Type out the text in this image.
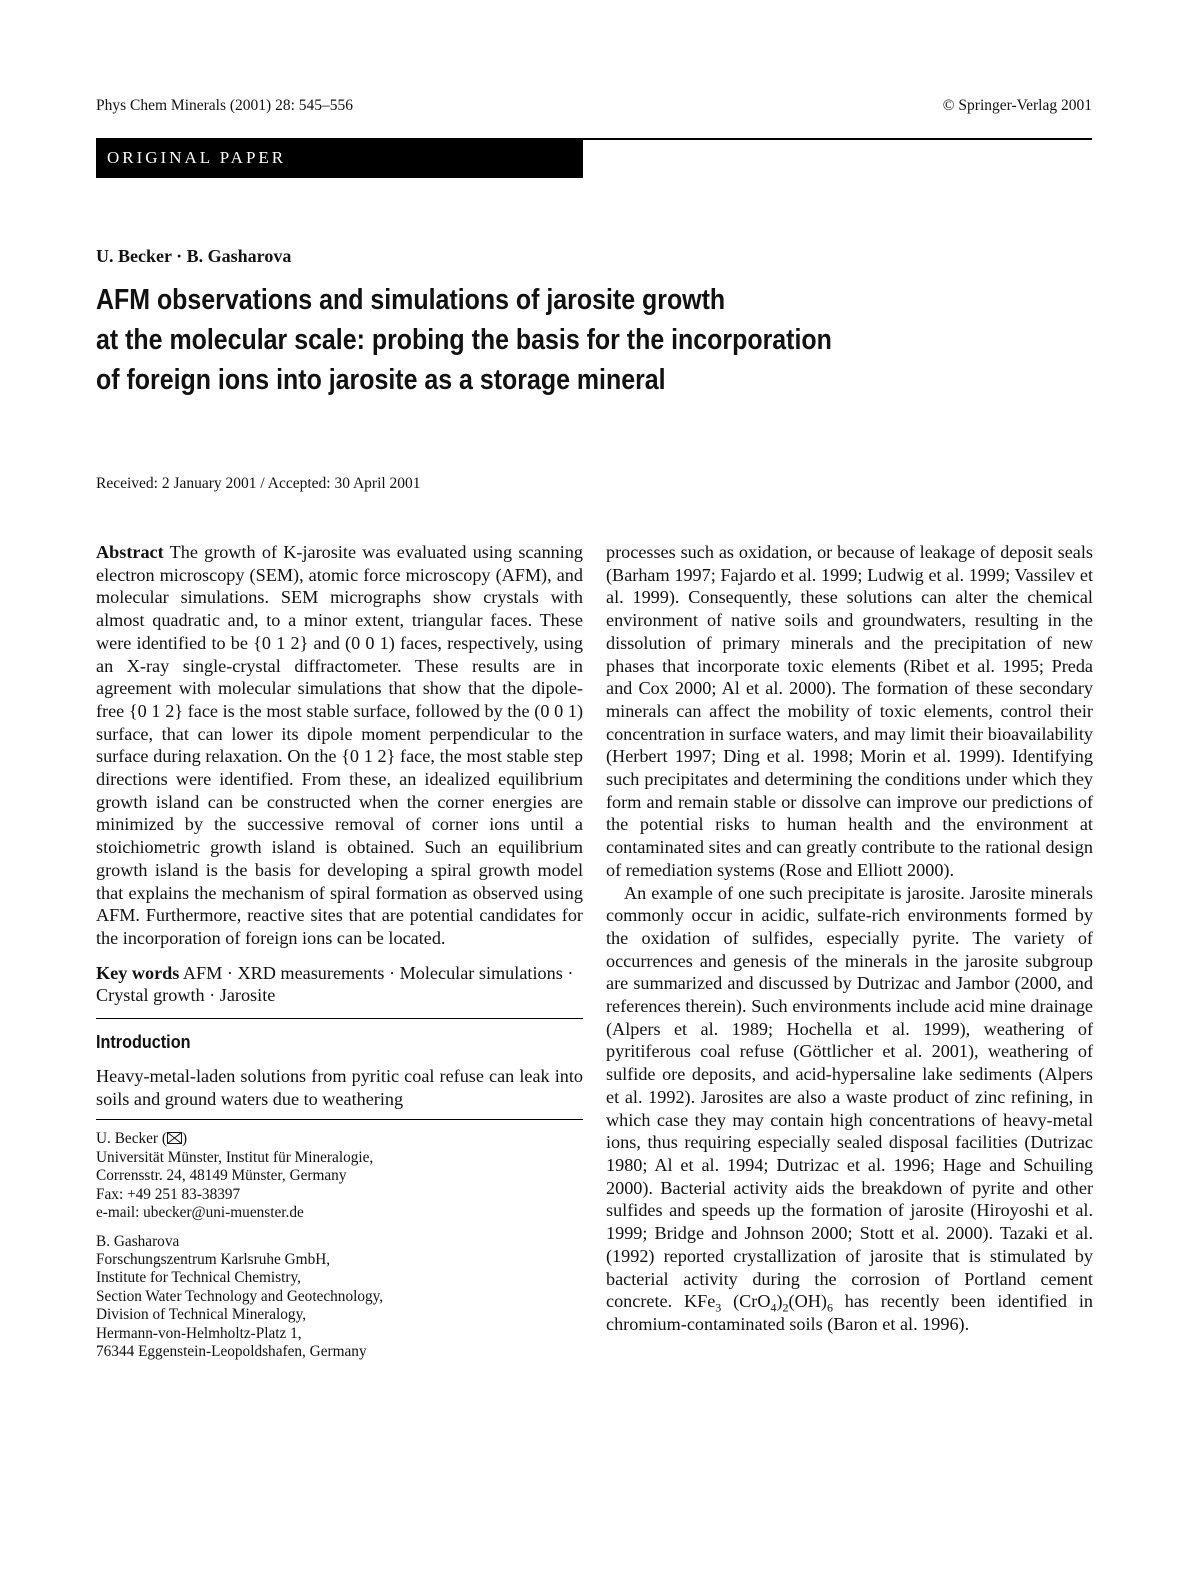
Phys Chem Minerals (2001) 28: 545–556	© Springer-Verlag 2001
ORIGINAL PAPER
U. Becker · B. Gasharova
AFM observations and simulations of jarosite growth
at the molecular scale: probing the basis for the incorporation
of foreign ions into jarosite as a storage mineral
Received: 2 January 2001 / Accepted: 30 April 2001

Abstract The growth of K-jarosite was evaluated using scanning electron microscopy (SEM), atomic force microscopy (AFM), and molecular simulations. SEM micrographs show crystals with almost quadratic and, to a minor extent, triangular faces. These were identified to be {0 1 2} and (0 0 1) faces, respectively, using an X-ray single-crystal diffractometer. These results are in agreement with molecular simulations that show that the dipole-free {0 1 2} face is the most stable surface, followed by the (0 0 1) surface, that can lower its dipole moment perpendicular to the surface during relaxation. On the {0 1 2} face, the most stable step directions were identified. From these, an idealized equilibrium growth island can be constructed when the corner energies are minimized by the successive removal of corner ions until a stoichiometric growth island is obtained. Such an equilibrium growth island is the basis for developing a spiral growth model that explains the mechanism of spiral formation as observed using AFM. Furthermore, reactive sites that are potential candidates for the incorporation of foreign ions can be located.

Key words AFM · XRD measurements · Molecular simulations · Crystal growth · Jarosite

Introduction

Heavy-metal-laden solutions from pyritic coal refuse can leak into soils and ground waters due to weathering

U. Becker ( )
Universität Münster, Institut für Mineralogie,
Corrensstr. 24, 48149 Münster, Germany
Fax: +49 251 83-38397
e-mail: ubecker@uni-muenster.de
B. Gasharova
Forschungszentrum Karlsruhe GmbH,
Institute for Technical Chemistry,
Section Water Technology and Geotechnology,
Division of Technical Mineralogy,
Hermann-von-Helmholtz-Platz 1,
76344 Eggenstein-Leopoldshafen, Germany

processes such as oxidation, or because of leakage of deposit seals (Barham 1997; Fajardo et al. 1999; Ludwig et al. 1999; Vassilev et al. 1999). Consequently, these solutions can alter the chemical environment of native soils and groundwaters, resulting in the dissolution of primary minerals and the precipitation of new phases that incorporate toxic elements (Ribet et al. 1995; Preda and Cox 2000; Al et al. 2000). The formation of these secondary minerals can affect the mobility of toxic elements, control their concentration in surface waters, and may limit their bioavailability (Herbert 1997; Ding et al. 1998; Morin et al. 1999). Identifying such precipitates and determining the conditions under which they form and remain stable or dissolve can improve our predictions of the potential risks to human health and the environment at contaminated sites and can greatly contribute to the rational design of remediation systems (Rose and Elliott 2000).

An example of one such precipitate is jarosite. Jarosite minerals commonly occur in acidic, sulfate-rich environments formed by the oxidation of sulfides, especially pyrite. The variety of occurrences and genesis of the minerals in the jarosite subgroup are summarized and discussed by Dutrizac and Jambor (2000, and references therein). Such environments include acid mine drainage (Alpers et al. 1989; Hochella et al. 1999), weathering of pyritiferous coal refuse (Göttlicher et al. 2001), weathering of sulfide ore deposits, and acid-hypersaline lake sediments (Alpers et al. 1992). Jarosites are also a waste product of zinc refining, in which case they may contain high concentrations of heavy-metal ions, thus requiring especially sealed disposal facilities (Dutrizac 1980; Al et al. 1994; Dutrizac et al. 1996; Hage and Schuiling 2000). Bacterial activity aids the breakdown of pyrite and other sulfides and speeds up the formation of jarosite (Hiroyoshi et al. 1999; Bridge and Johnson 2000; Stott et al. 2000). Tazaki et al. (1992) reported crystallization of jarosite that is stimulated by bacterial activity during the corrosion of Portland cement concrete. KFe$_3$ $(CrO_4)_2(OH)_6$ has recently been identified in chromium-contaminated soils (Baron et al. 1996).
